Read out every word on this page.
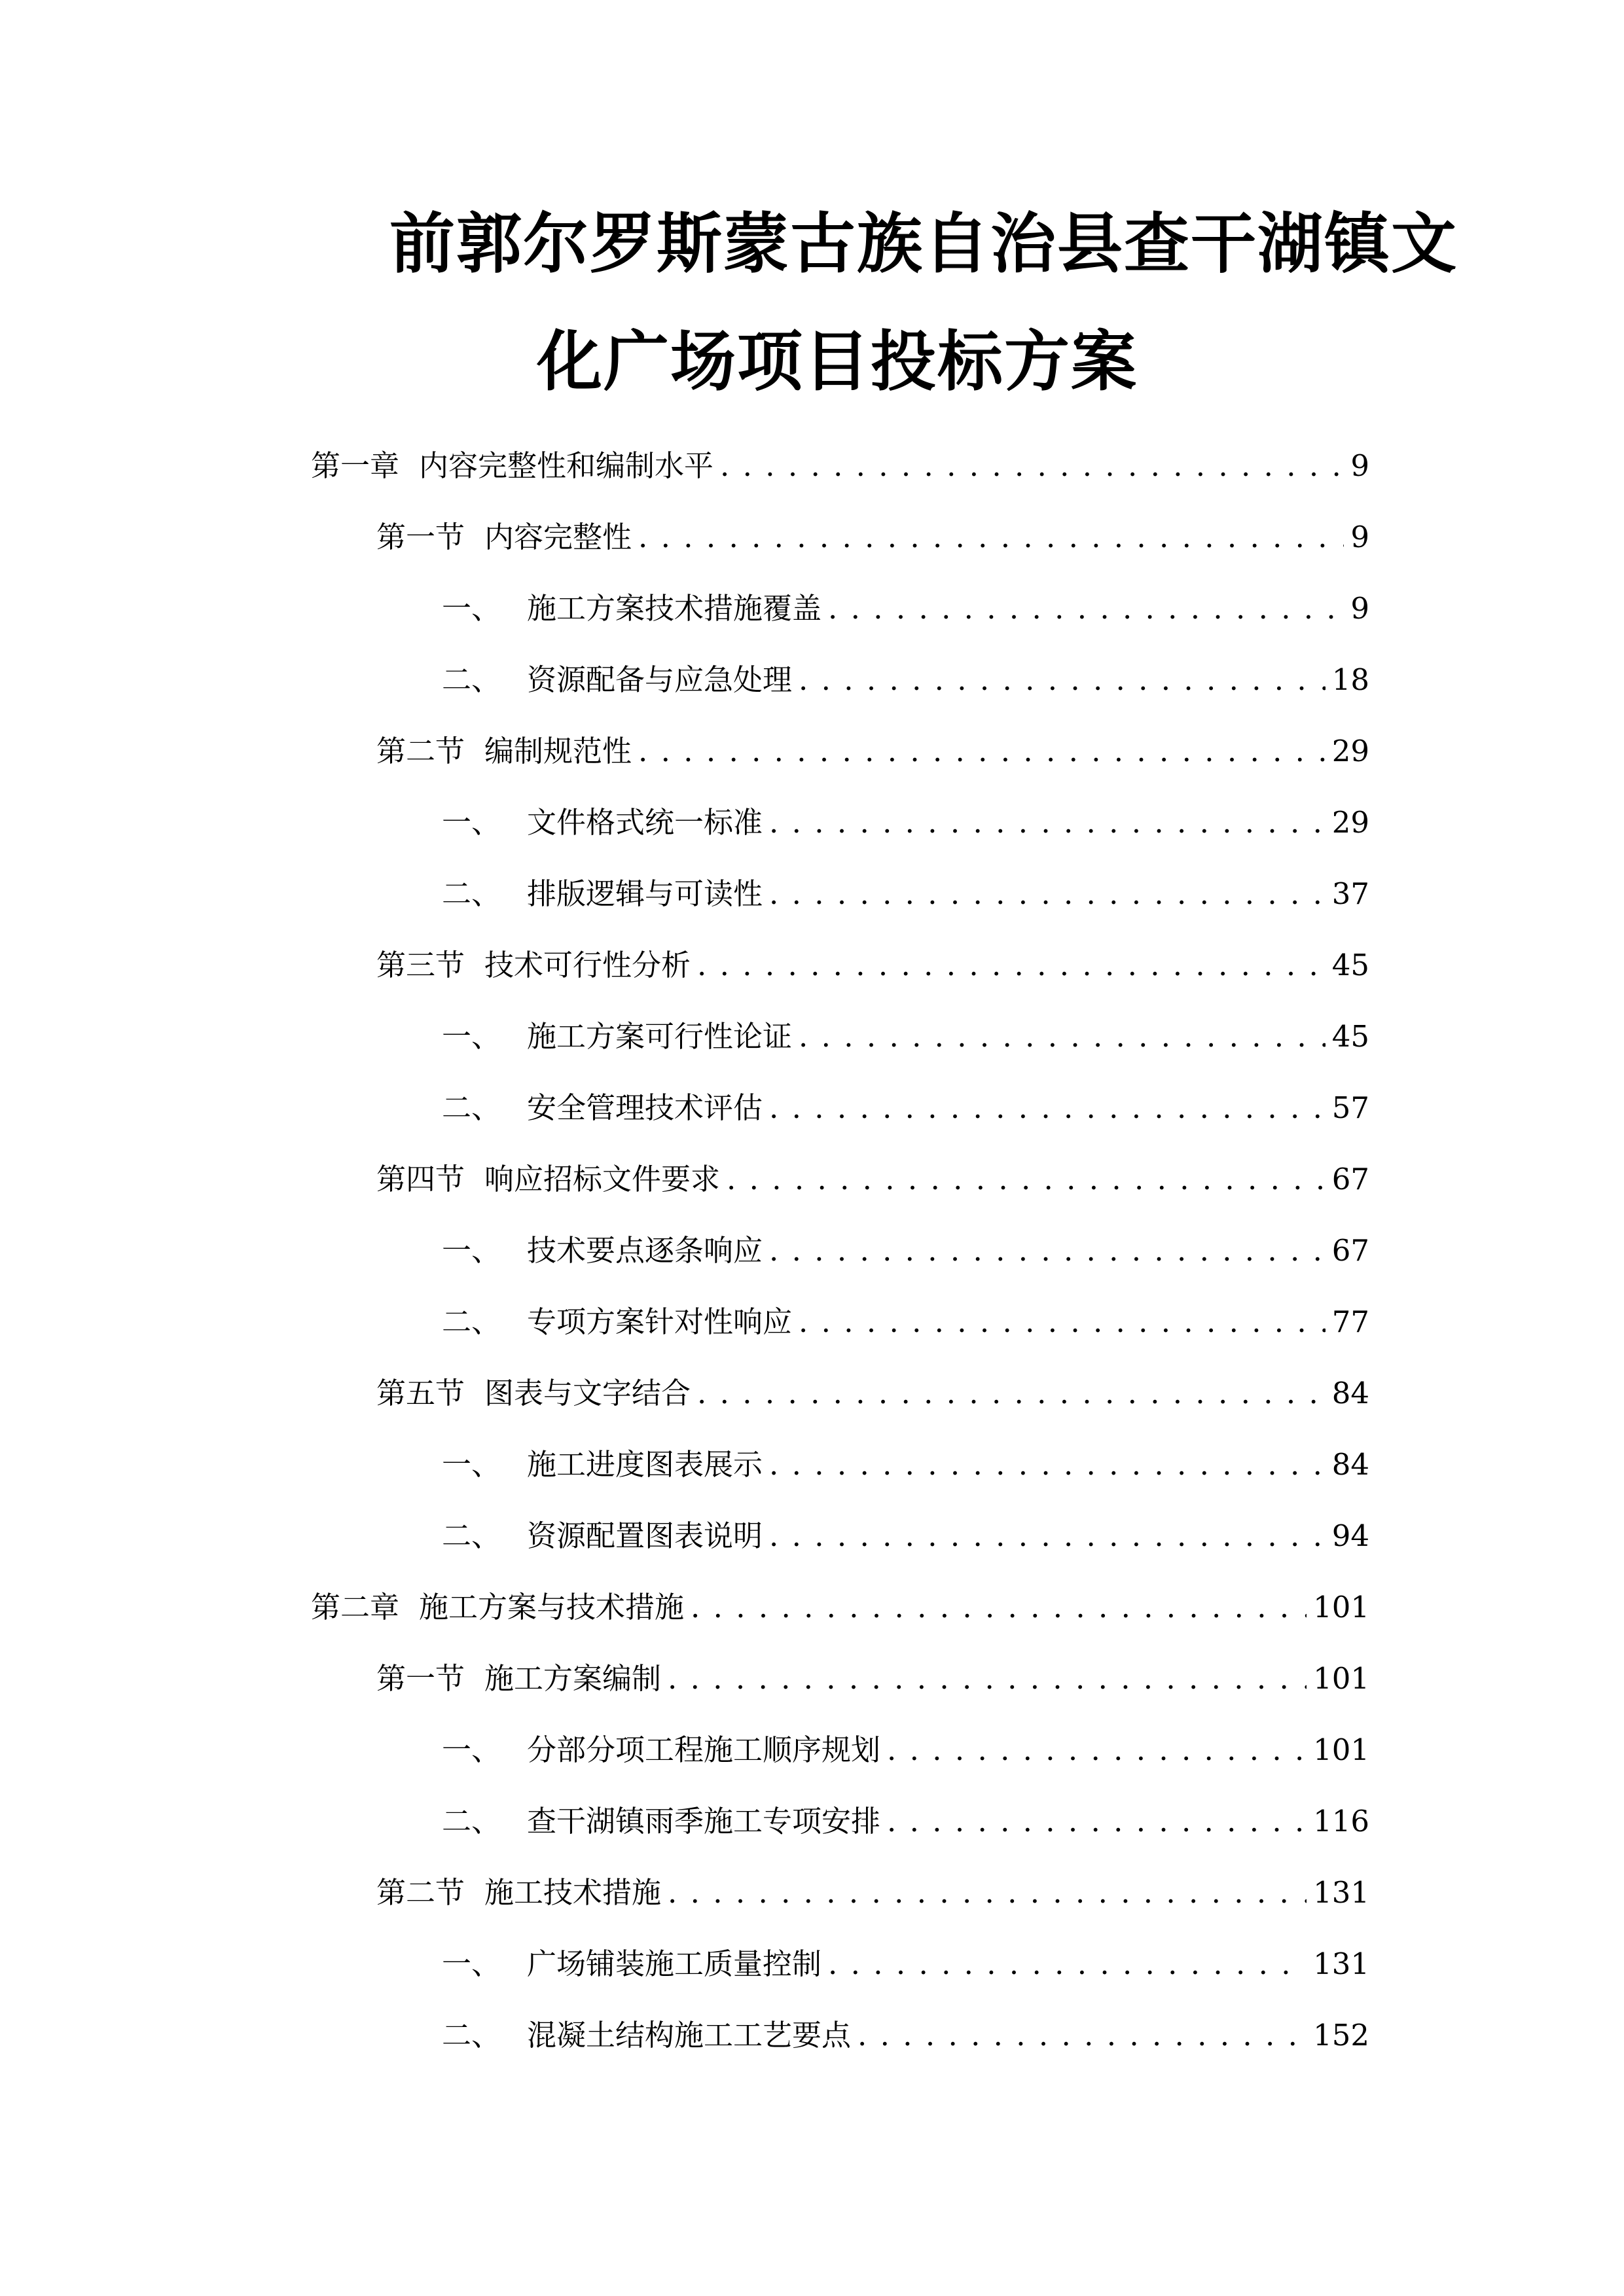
前郭尔罗斯蒙古族自治县查干湖镇文
化广场项目投标方案
第一章 内容完整性和编制水平 . . .	9
第一节 内容完整性 . . .	9
一、 施工方案技术措施覆盖 . . .	9
二、 资源配备与应急处理 . . .	18
第二节 编制规范性 . . .	29
一、 文件格式统一标准 . . .	29
二、 排版逻辑与可读性 . . .	37
第三节 技术可行性分析 . . .	45
一、 施工方案可行性论证 . . .	45
二、 安全管理技术评估 . . .	57
第四节 响应招标文件要求 . . .	67
一、 技术要点逐条响应 . . .	67
二、 专项方案针对性响应 . . .	77
第五节 图表与文字结合 . . .	84
一、 施工进度图表展示 . . .	84
二、 资源配置图表说明 . . .	94
第二章 施工方案与技术措施 . . .	101
第一节 施工方案编制 . . .	101
一、 分部分项工程施工顺序规划 . . .	101
二、 查干湖镇雨季施工专项安排 . . .	116
第二节 施工技术措施 . . .	131
一、 广场铺装施工质量控制 . . .	131
二、 混凝土结构施工工艺要点 . . .	152
